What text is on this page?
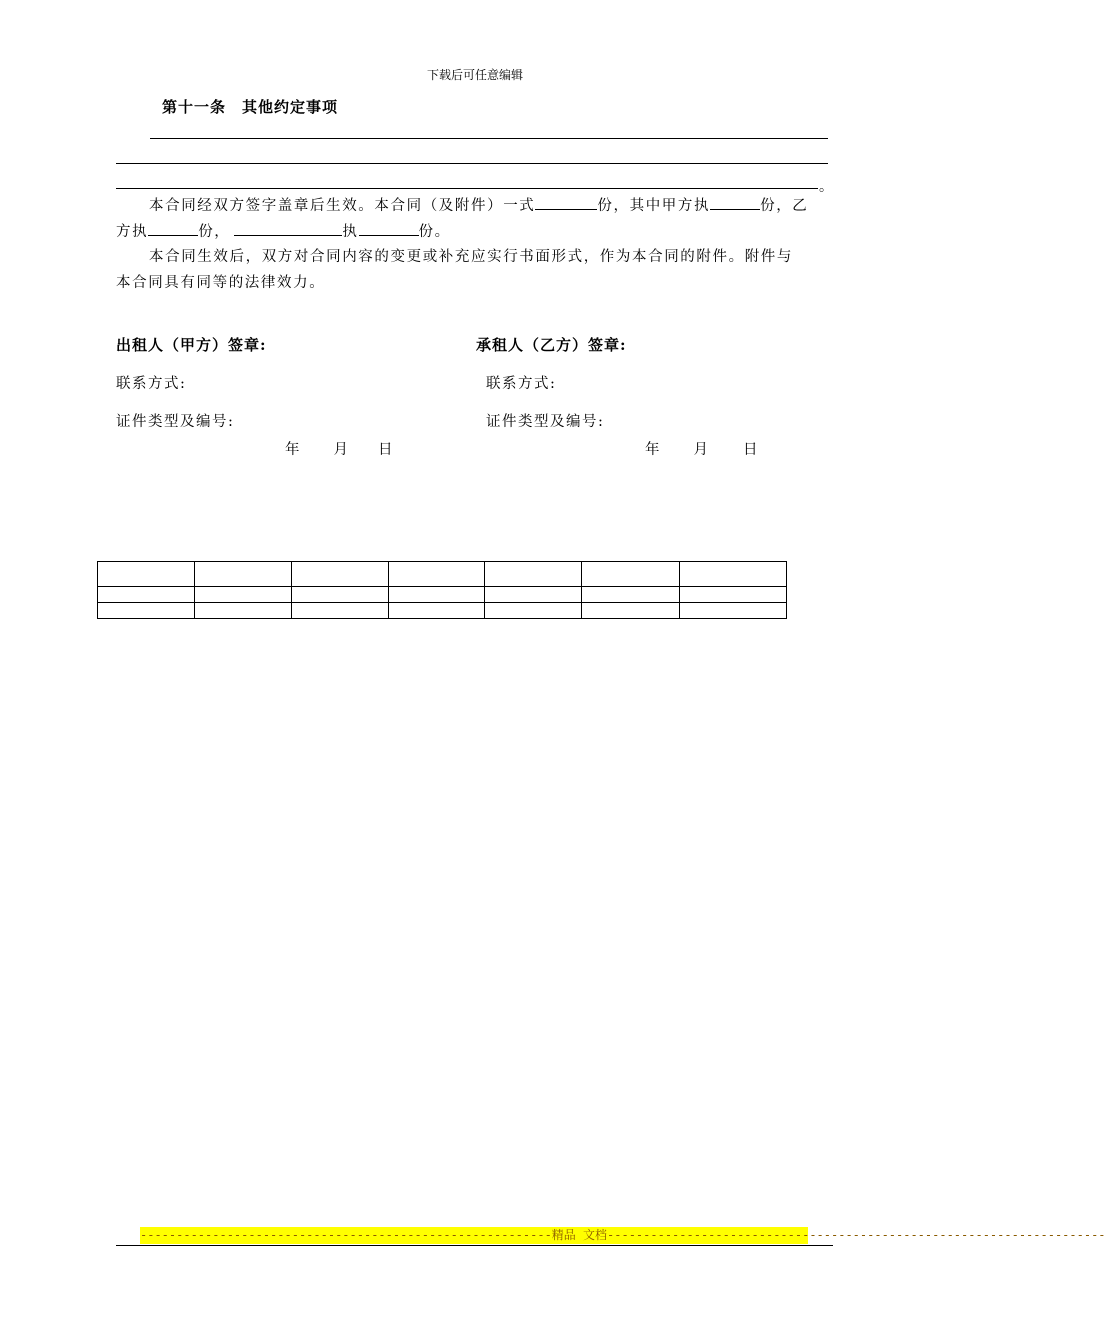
下载后可任意编辑
第十一条 其他约定事项
。
本合同经双方签字盖章后生效。本合同（及附件）一式	份，其中甲方执	份，乙
方执	份，	执	份。
本合同生效后，双方对合同内容的变更或补充应实行书面形式，作为本合同的附件。附件与
本合同具有同等的法律效力。
出租人（甲方）签章:	承租人（乙方）签章:
联系方式:	联系方式:
证件类型及编号:	证件类型及编号:
年 月 日	年 月 日

---------------------------------------------------------精品 文档---------------------------------------------------------------------
